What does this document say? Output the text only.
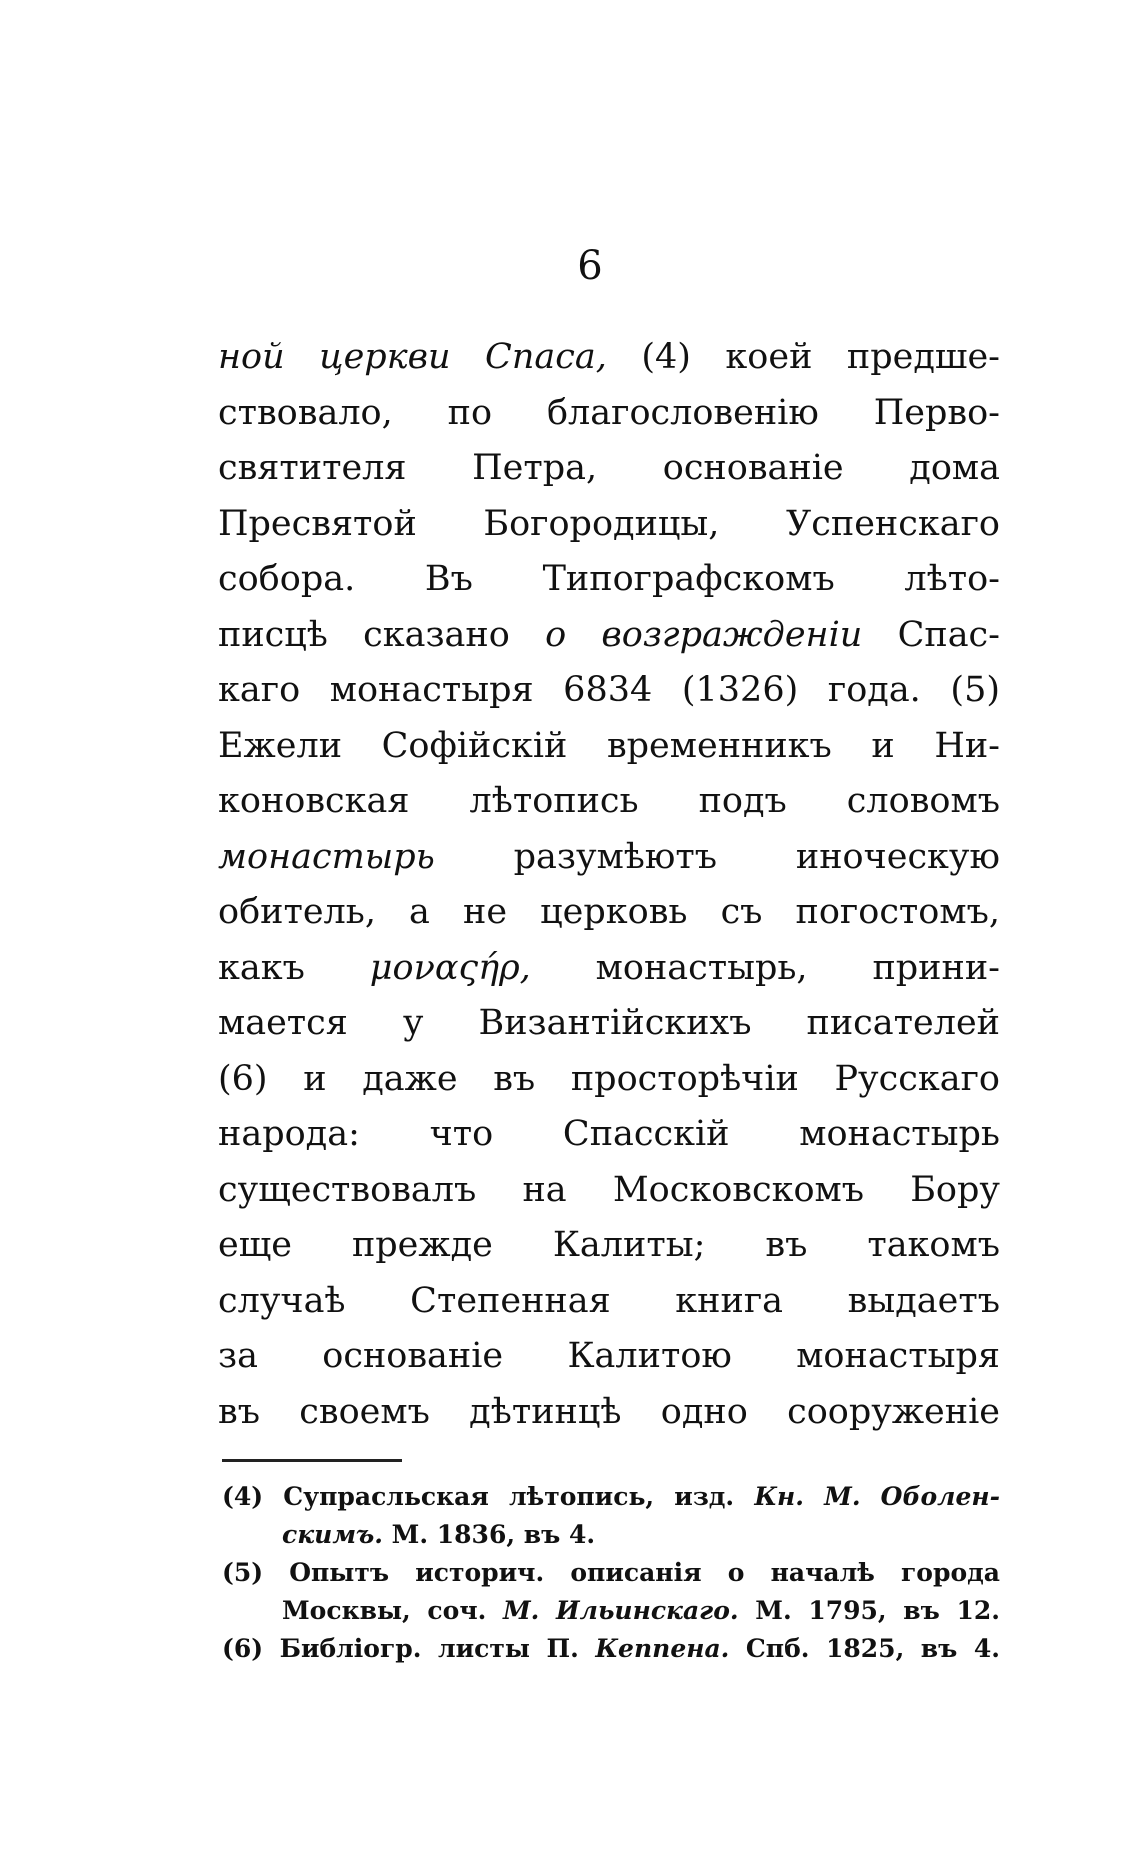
6
ной церкви Спаса, (4) коей предше-
ствовало, по благословенію Перво-
святителя Петра, основаніе дома
Пресвятой Богородицы, Успенскаго
собора. Въ Типографскомъ лѣто-
писцѣ сказано о возгражденіи Спас-
каго монастыря 6834 (1326) года. (5)
Ежели Софійскій временникъ и Ни-
коновская лѣтопись подъ словомъ
монастырь разумѣютъ иноческую
обитель, а не церковь съ погостомъ,
какъ μοναςήρ, монастырь, прини-
мается у Византійскихъ писателей
(6) и даже въ просторѣчіи Русскаго
народа: что Спасскій монастырь
существовалъ на Московскомъ Бору
еще прежде Калиты; въ такомъ
случаѣ Степенная книга выдаетъ
за основаніе Калитою монастыря
въ своемъ дѣтинцѣ одно сооруженіе
(4) Супрасльская лѣтопись, изд. Кн. М. Оболен-
скимъ. М. 1836, въ 4.
(5) Опытъ историч. описанія о началѣ города
Москвы, соч. М. Ильинскаго. М. 1795, въ 12.
(6) Библіогр. листы П. Кеппена. Спб. 1825, въ 4.
